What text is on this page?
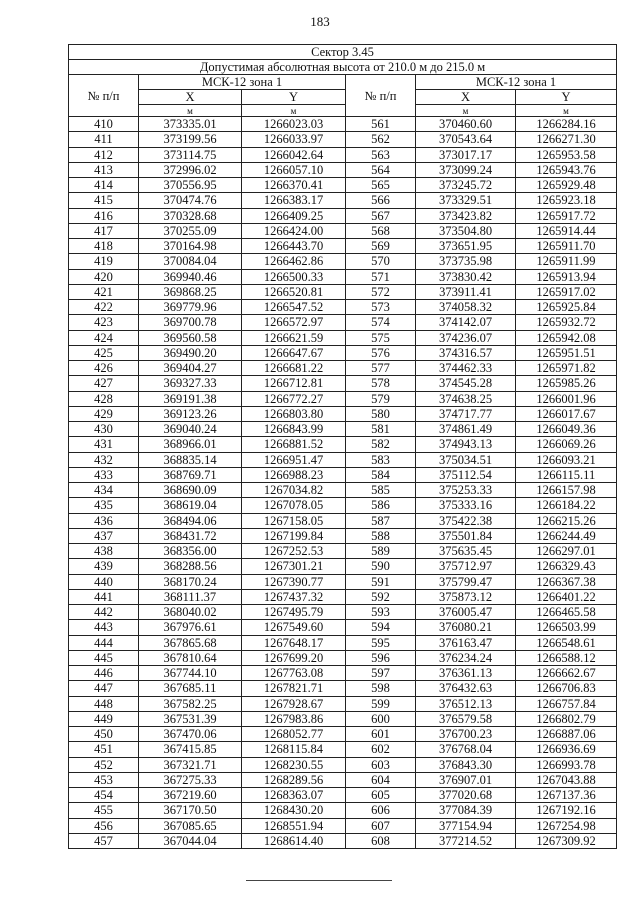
183
Сектор 3.45					
Допустимая абсолютная высота от 210.0 м до 215.0 м					
№ п/п	МСК-12 зона 1		№ п/п	МСК-12 зона 1	
	X	Y		X	Y
	м	м		м	м
410	373335.01	1266023.03	561	370460.60	1266284.16
411	373199.56	1266033.97	562	370543.64	1266271.30
412	373114.75	1266042.64	563	373017.17	1265953.58
413	372996.02	1266057.10	564	373099.24	1265943.76
414	370556.95	1266370.41	565	373245.72	1265929.48
415	370474.76	1266383.17	566	373329.51	1265923.18
416	370328.68	1266409.25	567	373423.82	1265917.72
417	370255.09	1266424.00	568	373504.80	1265914.44
418	370164.98	1266443.70	569	373651.95	1265911.70
419	370084.04	1266462.86	570	373735.98	1265911.99
420	369940.46	1266500.33	571	373830.42	1265913.94
421	369868.25	1266520.81	572	373911.41	1265917.02
422	369779.96	1266547.52	573	374058.32	1265925.84
423	369700.78	1266572.97	574	374142.07	1265932.72
424	369560.58	1266621.59	575	374236.07	1265942.08
425	369490.20	1266647.67	576	374316.57	1265951.51
426	369404.27	1266681.22	577	374462.33	1265971.82
427	369327.33	1266712.81	578	374545.28	1265985.26
428	369191.38	1266772.27	579	374638.25	1266001.96
429	369123.26	1266803.80	580	374717.77	1266017.67
430	369040.24	1266843.99	581	374861.49	1266049.36
431	368966.01	1266881.52	582	374943.13	1266069.26
432	368835.14	1266951.47	583	375034.51	1266093.21
433	368769.71	1266988.23	584	375112.54	1266115.11
434	368690.09	1267034.82	585	375253.33	1266157.98
435	368619.04	1267078.05	586	375333.16	1266184.22
436	368494.06	1267158.05	587	375422.38	1266215.26
437	368431.72	1267199.84	588	375501.84	1266244.49
438	368356.00	1267252.53	589	375635.45	1266297.01
439	368288.56	1267301.21	590	375712.97	1266329.43
440	368170.24	1267390.77	591	375799.47	1266367.38
441	368111.37	1267437.32	592	375873.12	1266401.22
442	368040.02	1267495.79	593	376005.47	1266465.58
443	367976.61	1267549.60	594	376080.21	1266503.99
444	367865.68	1267648.17	595	376163.47	1266548.61
445	367810.64	1267699.20	596	376234.24	1266588.12
446	367744.10	1267763.08	597	376361.13	1266662.67
447	367685.11	1267821.71	598	376432.63	1266706.83
448	367582.25	1267928.67	599	376512.13	1266757.84
449	367531.39	1267983.86	600	376579.58	1266802.79
450	367470.06	1268052.77	601	376700.23	1266887.06
451	367415.85	1268115.84	602	376768.04	1266936.69
452	367321.71	1268230.55	603	376843.30	1266993.78
453	367275.33	1268289.56	604	376907.01	1267043.88
454	367219.60	1268363.07	605	377020.68	1267137.36
455	367170.50	1268430.20	606	377084.39	1267192.16
456	367085.65	1268551.94	607	377154.94	1267254.98
457	367044.04	1268614.40	608	377214.52	1267309.92
